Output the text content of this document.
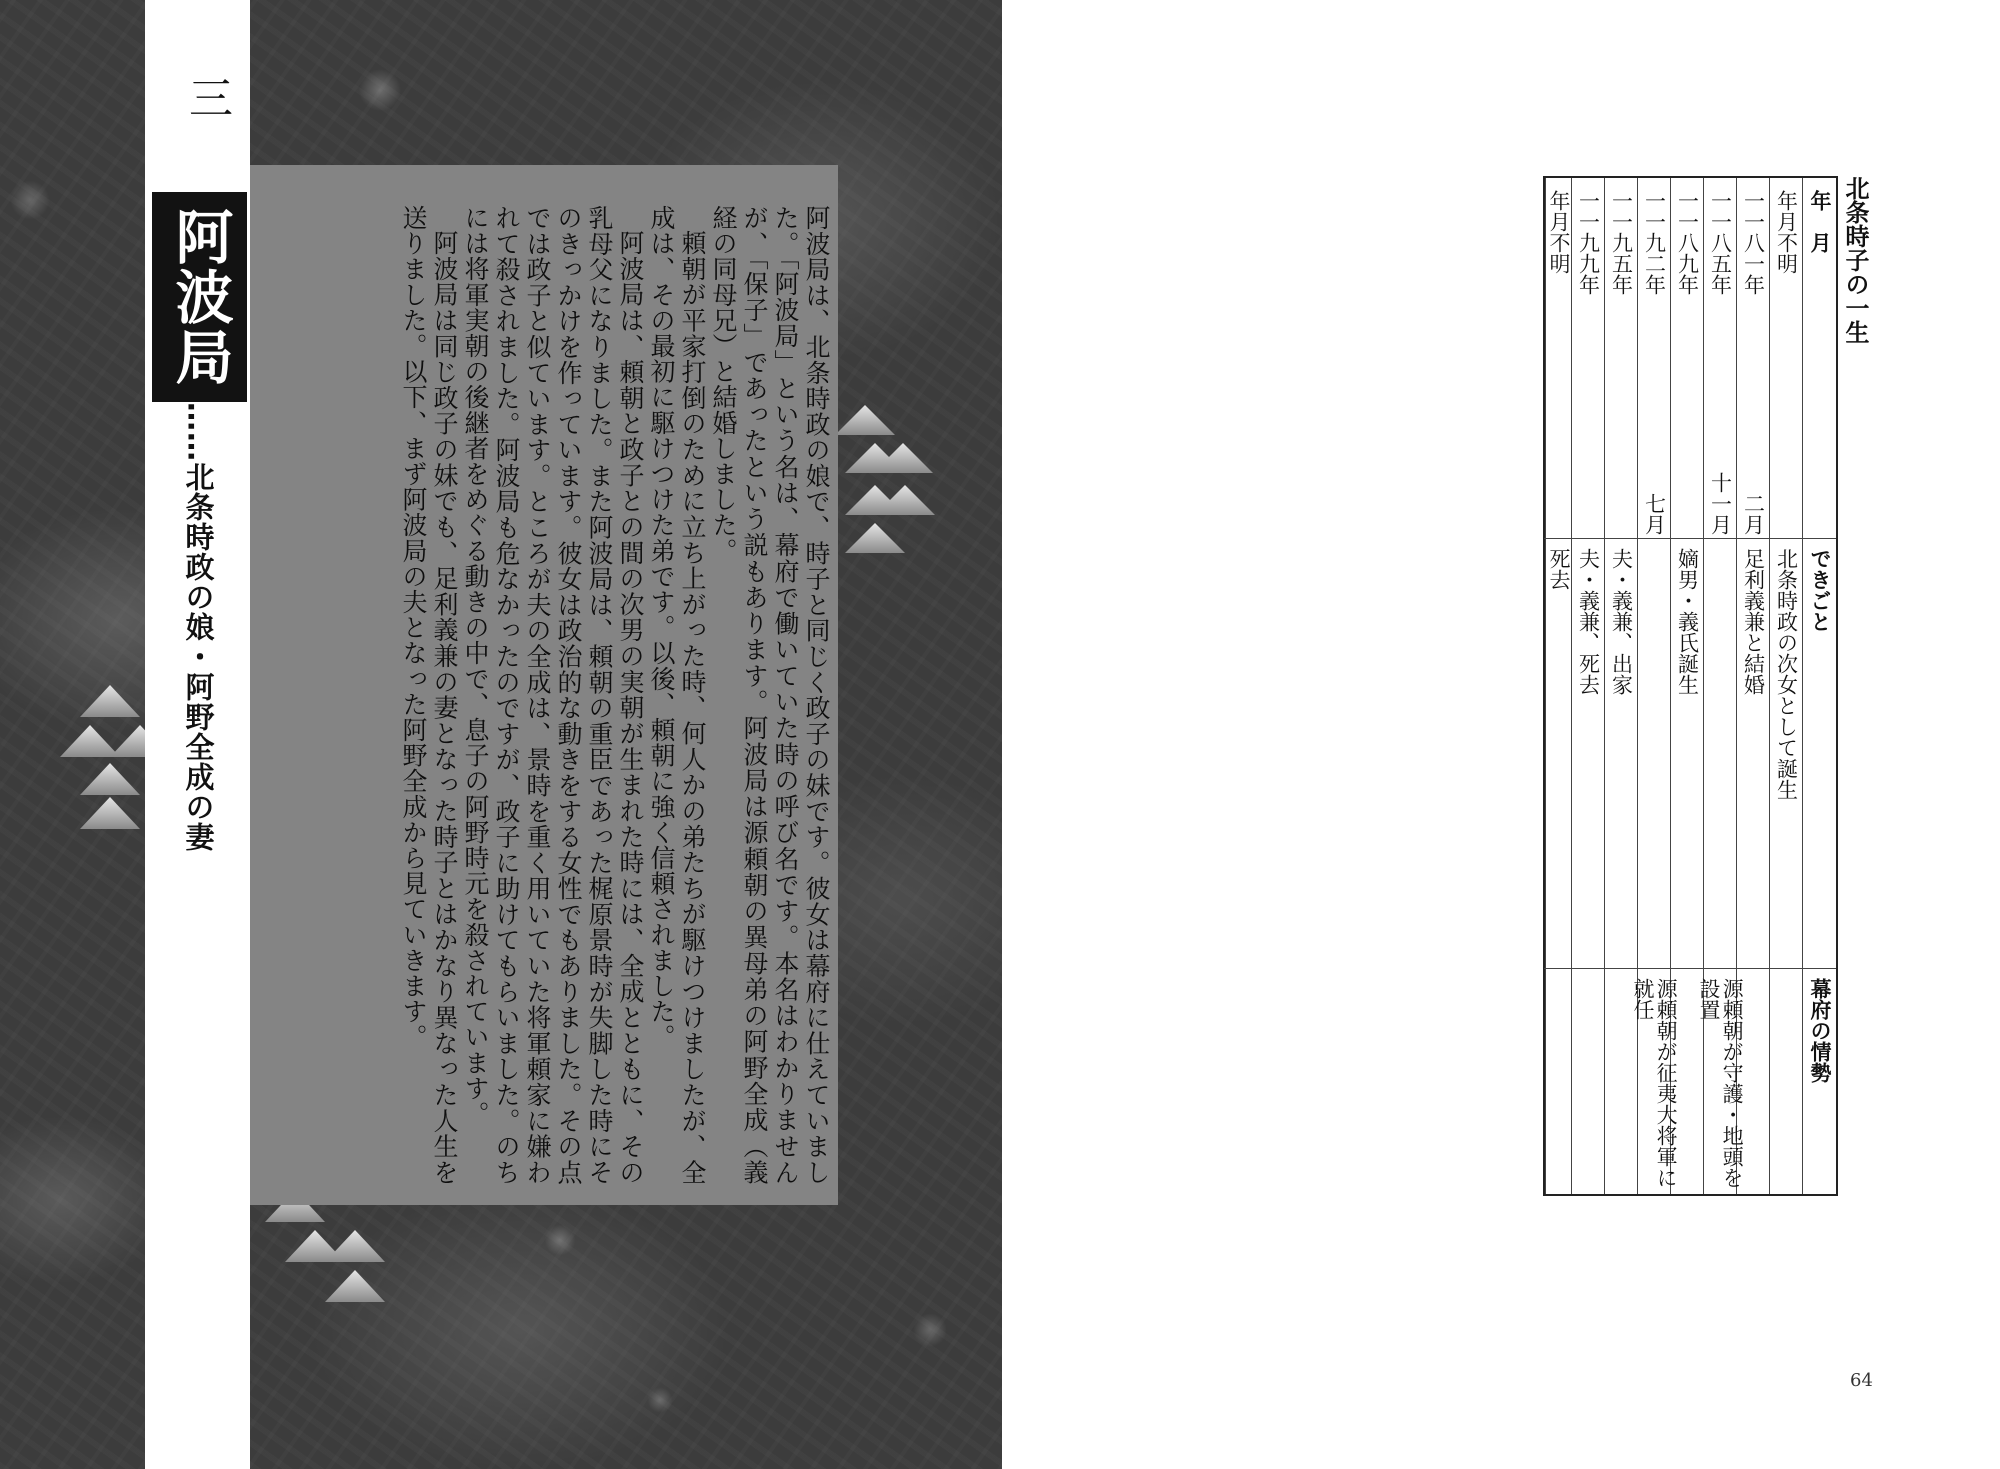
三
阿波局
……北条時政の娘・阿野全成の妻	阿波局は、北条時政の娘で、時子と同じく政子の妹です。彼女は幕府に仕えていました。「阿波局」という名は、幕府で働いていた時の呼び名です。本名はわかりませんが、「保子」であったという説もあります。阿波局は源頼朝の異母弟の阿野全成（義経の同母兄）と結婚しました。

頼朝が平家打倒のために立ち上がった時、何人かの弟たちが駆けつけましたが、全成は、その最初に駆けつけた弟です。以後、頼朝に強く信頼されました。

阿波局は、頼朝と政子との間の次男の実朝が生まれた時には、全成とともに、その乳母父になりました。また阿波局は、頼朝の重臣であった梶原景時が失脚した時にそのきっかけを作っています。彼女は政治的な動きをする女性でもありました。その点では政子と似ています。ところが夫の全成は、景時を重く用いていた将軍頼家に嫌われて殺されました。阿波局も危なかったのですが、政子に助けてもらいました。のちには将軍実朝の後継者をめぐる動きの中で、息子の阿野時元を殺されています。

阿波局は同じ政子の妹でも、足利義兼の妻となった時子とはかなり異なった人生を送りました。以下、まず阿波局の夫となった阿野全成から見ていきます。	北条時子の一生
年　月
できごと
幕府の情勢
年月不明
北条時政の次女として誕生
一一八一年
二月
足利義兼と結婚
一一八五年
十一月
源頼朝が守護・地頭を設置
一一八九年
嫡男・義氏誕生
一一九二年
七月
源頼朝が征夷大将軍に就任
一一九五年
夫・義兼、出家
一一九九年
夫・義兼、死去
年月不明
死去
64
